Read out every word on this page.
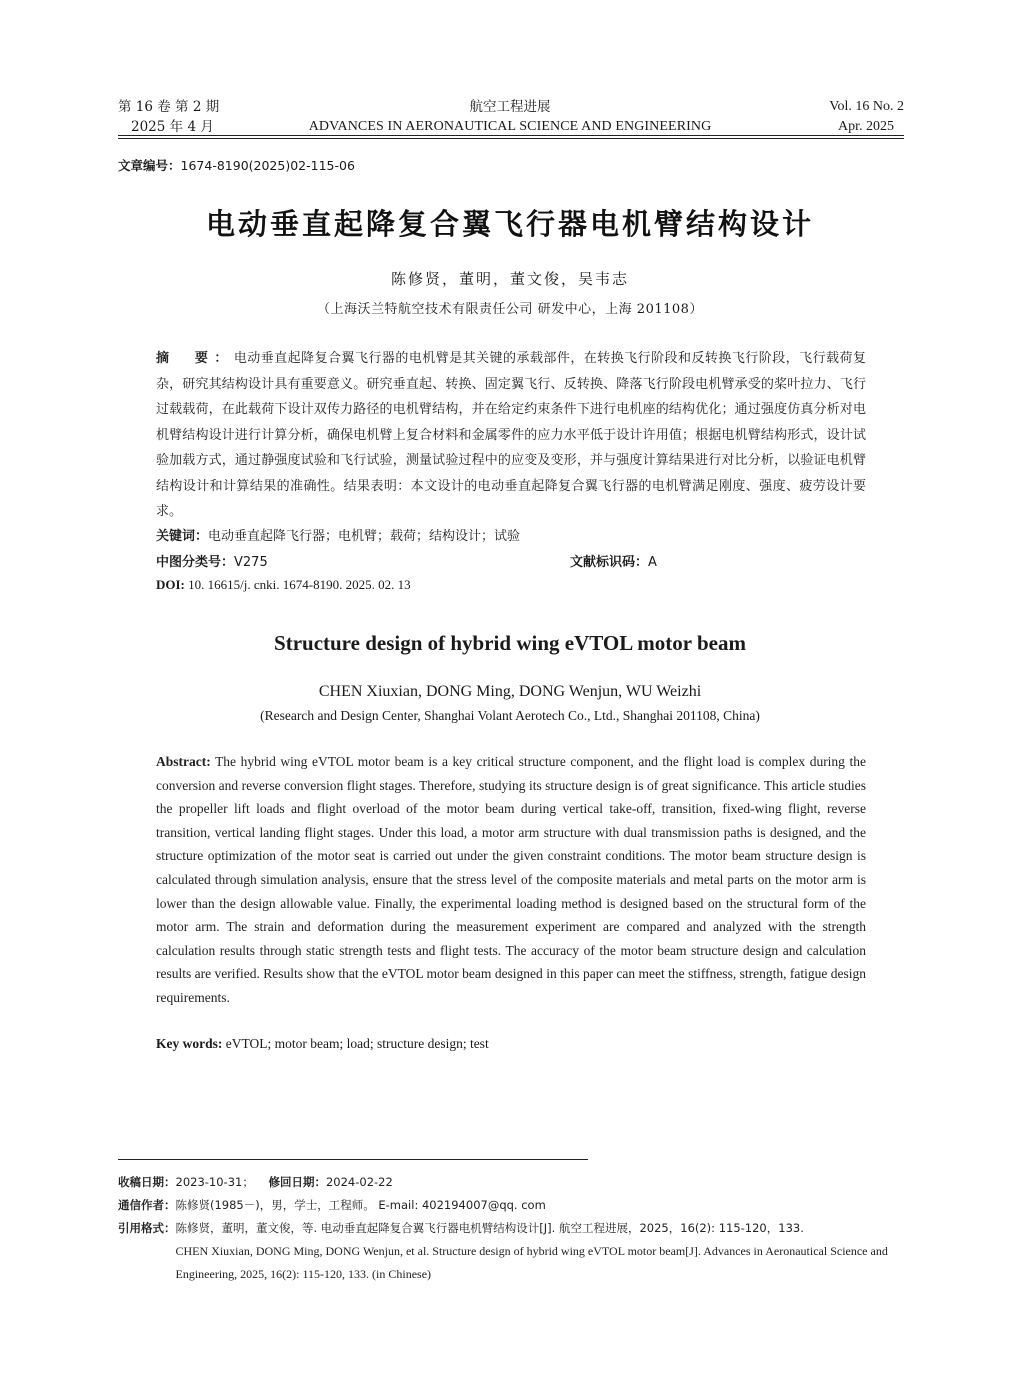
第 16 卷 第 2 期
2025 年 4 月
航空工程进展
ADVANCES IN AERONAUTICAL SCIENCE AND ENGINEERING
Vol. 16 No. 2
Apr. 2025
文章编号：1674-8190(2025)02-115-06
电动垂直起降复合翼飞行器电机臂结构设计
陈修贤，董明，董文俊，吴韦志
（上海沃兰特航空技术有限责任公司 研发中心，上海 201108）
摘　要：电动垂直起降复合翼飞行器的电机臂是其关键的承载部件，在转换飞行阶段和反转换飞行阶段，飞行载荷复杂，研究其结构设计具有重要意义。研究垂直起、转换、固定翼飞行、反转换、降落飞行阶段电机臂承受的桨叶拉力、飞行过载载荷，在此载荷下设计双传力路径的电机臂结构，并在给定约束条件下进行电机座的结构优化；通过强度仿真分析对电机臂结构设计进行计算分析，确保电机臂上复合材料和金属零件的应力水平低于设计许用值；根据电机臂结构形式，设计试验加载方式，通过静强度试验和飞行试验，测量试验过程中的应变及变形，并与强度计算结果进行对比分析，以验证电机臂结构设计和计算结果的准确性。结果表明：本文设计的电动垂直起降复合翼飞行器的电机臂满足刚度、强度、疲劳设计要求。
关键词：电动垂直起降飞行器；电机臂；载荷；结构设计；试验
中图分类号：V275	文献标识码：A
DOI: 10. 16615/j. cnki. 1674-8190. 2025. 02. 13
Structure design of hybrid wing eVTOL motor beam
CHEN Xiuxian, DONG Ming, DONG Wenjun, WU Weizhi
(Research and Design Center, Shanghai Volant Aerotech Co., Ltd., Shanghai 201108, China)
Abstract: The hybrid wing eVTOL motor beam is a key critical structure component, and the flight load is complex during the conversion and reverse conversion flight stages. Therefore, studying its structure design is of great significance. This article studies the propeller lift loads and flight overload of the motor beam during vertical take-off, transition, fixed-wing flight, reverse transition, vertical landing flight stages. Under this load, a motor arm structure with dual transmission paths is designed, and the structure optimization of the motor seat is carried out under the given constraint conditions. The motor beam structure design is calculated through simulation analysis, ensure that the stress level of the composite materials and metal parts on the motor arm is lower than the design allowable value. Finally, the experimental loading method is designed based on the structural form of the motor arm. The strain and deformation during the measurement experiment are compared and analyzed with the strength calculation results through static strength tests and flight tests. The accuracy of the motor beam structure design and calculation results are verified. Results show that the eVTOL motor beam designed in this paper can meet the stiffness, strength, fatigue design requirements.
Key words: eVTOL; motor beam; load; structure design; test
收稿日期：2023-10-31； 修回日期：2024-02-22
通信作者：陈修贤(1985－)，男，学士，工程师。 E-mail: 402194007@qq. com
引用格式： 陈修贤，董明，董文俊，等. 电动垂直起降复合翼飞行器电机臂结构设计[J]. 航空工程进展，2025，16(2): 115-120，133.
CHEN Xiuxian, DONG Ming, DONG Wenjun, et al. Structure design of hybrid wing eVTOL motor beam[J]. Advances in Aeronautical Science and Engineering, 2025, 16(2): 115-120, 133. (in Chinese)
